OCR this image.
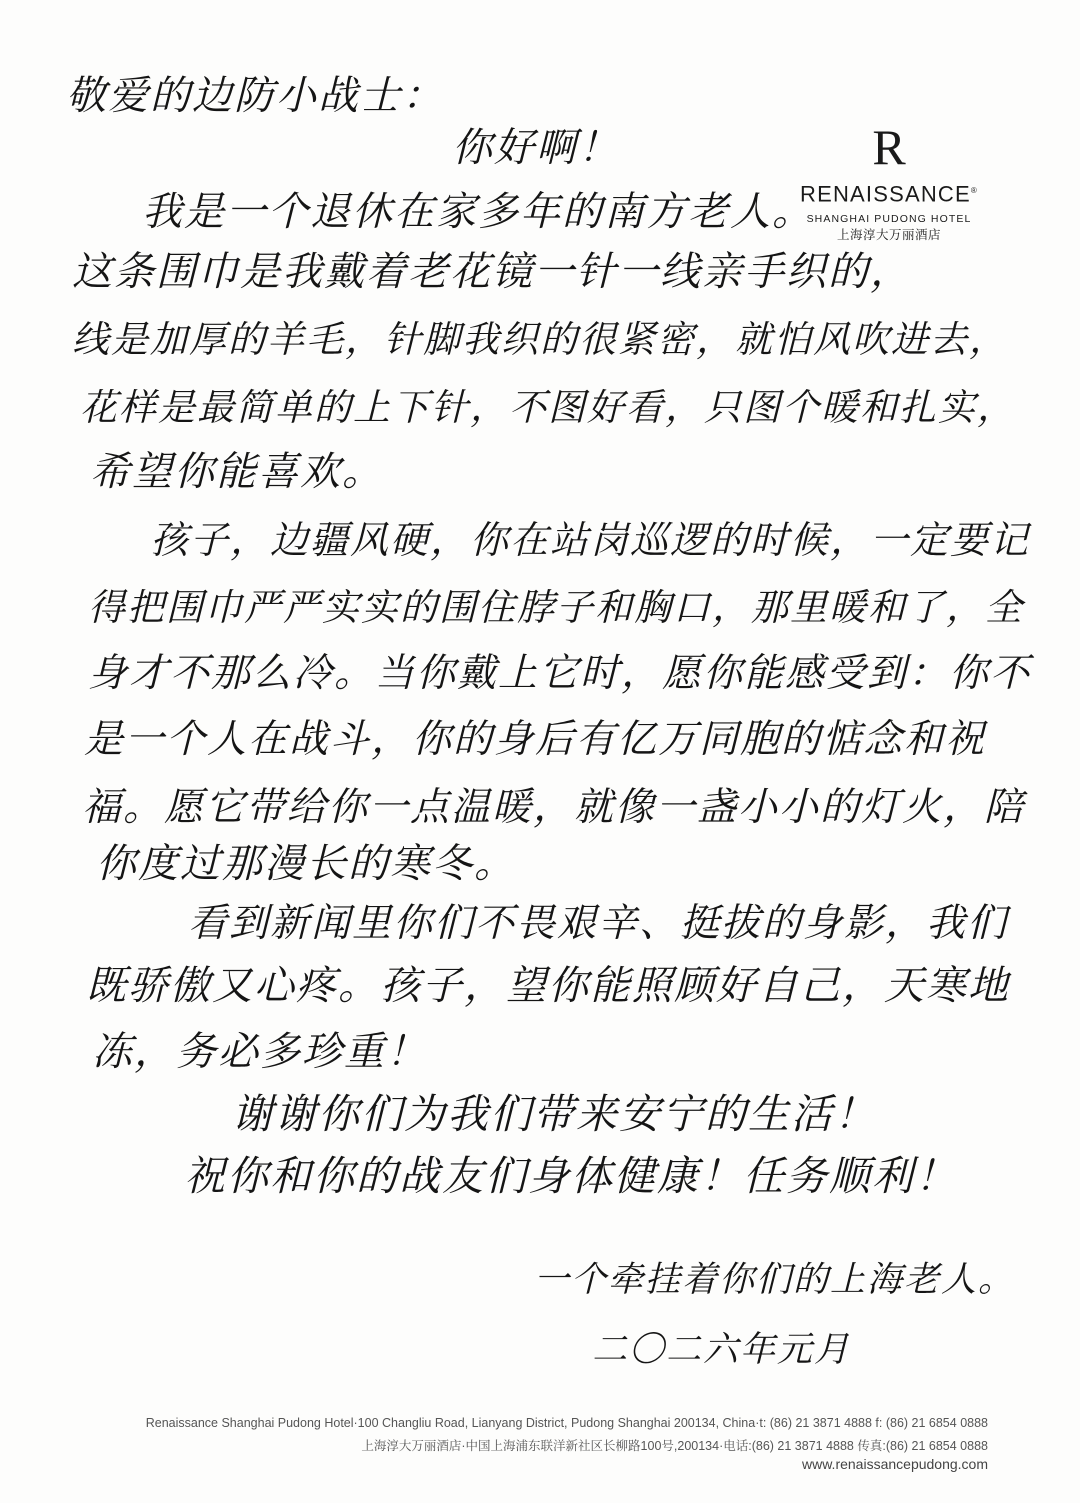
R
RENAISSANCE®
SHANGHAI PUDONG HOTEL
上海淳大万丽酒店

敬爱的边防小战士：

你好啊！

我是一个退休在家多年的南方老人。

这条围巾是我戴着老花镜一针一线亲手织的，

线是加厚的羊毛，针脚我织的很紧密，就怕风吹进去，

花样是最简单的上下针，不图好看，只图个暖和扎实，

希望你能喜欢。

孩子，边疆风硬，你在站岗巡逻的时候，一定要记

得把围巾严严实实的围住脖子和胸口，那里暖和了，全

身才不那么冷。当你戴上它时，愿你能感受到：你不

是一个人在战斗，你的身后有亿万同胞的惦念和祝

福。愿它带给你一点温暖，就像一盏小小的灯火，陪

你度过那漫长的寒冬。

看到新闻里你们不畏艰辛、挺拔的身影，我们

既骄傲又心疼。孩子，望你能照顾好自己，天寒地

冻，务必多珍重！

谢谢你们为我们带来安宁的生活！

祝你和你的战友们身体健康！任务顺利！

一个牵挂着你们的上海老人。

二〇二六年元月

Renaissance Shanghai Pudong Hotel·100 Changliu Road, Lianyang District, Pudong Shanghai 200134, China·t: (86) 21 3871 4888 f: (86) 21 6854 0888
上海淳大万丽酒店·中国上海浦东联洋新社区长柳路100号,200134·电话:(86) 21 3871 4888 传真:(86) 21 6854 0888
www.renaissancepudong.com
